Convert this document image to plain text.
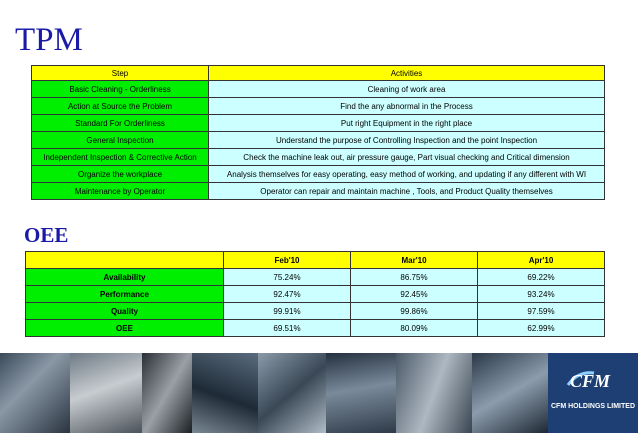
TPM
Step	Activities
Basic Cleaning - Orderliness	Cleaning of work area
Action at Source the Problem	Find the any abnormal in the Process
Standard For Orderliness	Put right Equipment in the right place
General Inspection	Understand the purpose of Controlling Inspection and the point Inspection
Independent Inspection & Corrective Action	Check the machine leak out, air pressure gauge, Part visual checking and Critical dimension
Organize the workplace	Analysis themselves for easy operating, easy method of working, and updating if any different with WI
Maintenance by Operator	Operator can repair and maintain machine , Tools, and Product Quality themselves
OEE
	Feb'10	Mar'10	Apr'10
Availability	75.24%	86.75%	69.22%
Performance	92.47%	92.45%	93.24%
Quality	99.91%	99.86%	97.59%
OEE	69.51%	80.09%	62.99%
CFM
CFM HOLDINGS LIMITED
